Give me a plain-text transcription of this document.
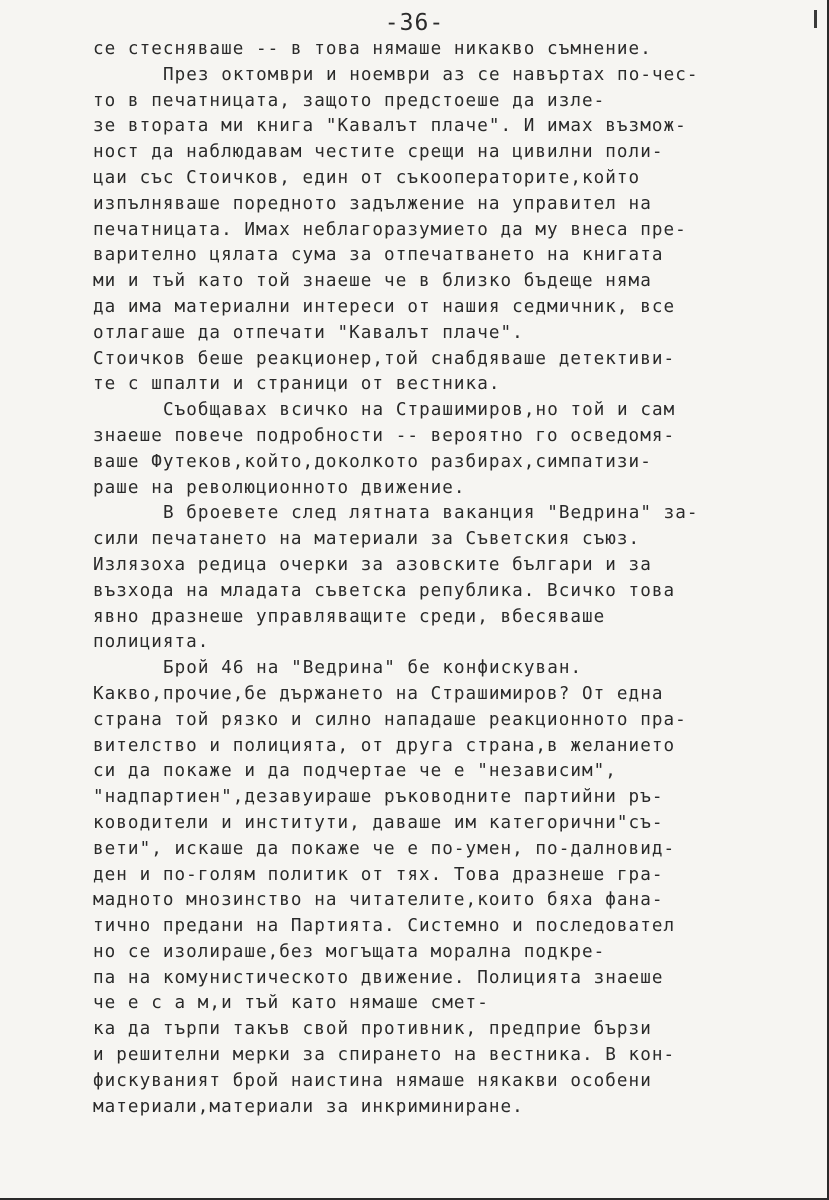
-36-
се стесняваше -- в това нямаше никакво съмнение.
През октомври и ноември аз се навъртах по-чес-
то в печатницата, защото предстоеше да изле-
зе втората ми книга "Кавалът плаче". И имах възмож-
ност да наблюдавам честите срещи на цивилни поли-
цаи със Стоичков, един от съкооператорите,който
изпълняваше поредното задължение на управител на
печатницата. Имах неблагоразумието да му внеса пре-
варително цялата сума за отпечатването на книгата
ми и тъй като той знаеше че в близко бъдеще няма
да има материални интереси от нашия седмичник, все
отлагаше да отпечати "Кавалът плаче".
Стоичков беше реакционер,той снабдяваше детективи-
те с шпалти и страници от вестника.
Съобщавах всичко на Страшимиров,но той и сам
знаеше повече подробности -- вероятно го осведомя-
ваше Футеков,който,доколкото разбирах,симпатизи-
раше на революционното движение.
В броевете след лятната ваканция "Ведрина" за-
сили печатането на материали за Съветския съюз.
Излязоха редица очерки за азовските българи и за
възхода на младата съветска република. Всичко това
явно дразнеше управляващите среди, вбесяваше
полицията.
Брой 46 на "Ведрина" бе конфискуван.
Какво,прочие,бе държането на Страшимиров? От една
страна той рязко и силно нападаше реакционното пра-
вителство и полицията, от друга страна,в желанието
си да покаже и да подчертае че е "независим",
"надпартиен",дезавуираше ръководните партийни ръ-
ководители и институти, даваше им категорични"съ-
вети", искаше да покаже че е по-умен, по-далновид-
ден и по-голям политик от тях. Това дразнеше гра-
мадното мнозинство на читателите,които бяха фана-
тично предани на Партията. Системно и последовател
но се изолираше,без могъщата морална подкре-
па на комунистическото движение. Полицията знаеше
че е с а м,и тъй като нямаше смет-
ка да търпи такъв свой противник, предприе бързи
и решителни мерки за спирането на вестника. В кон-
фискуваният брой наистина нямаше някакви особени
материали,материали за инкриминиране.
